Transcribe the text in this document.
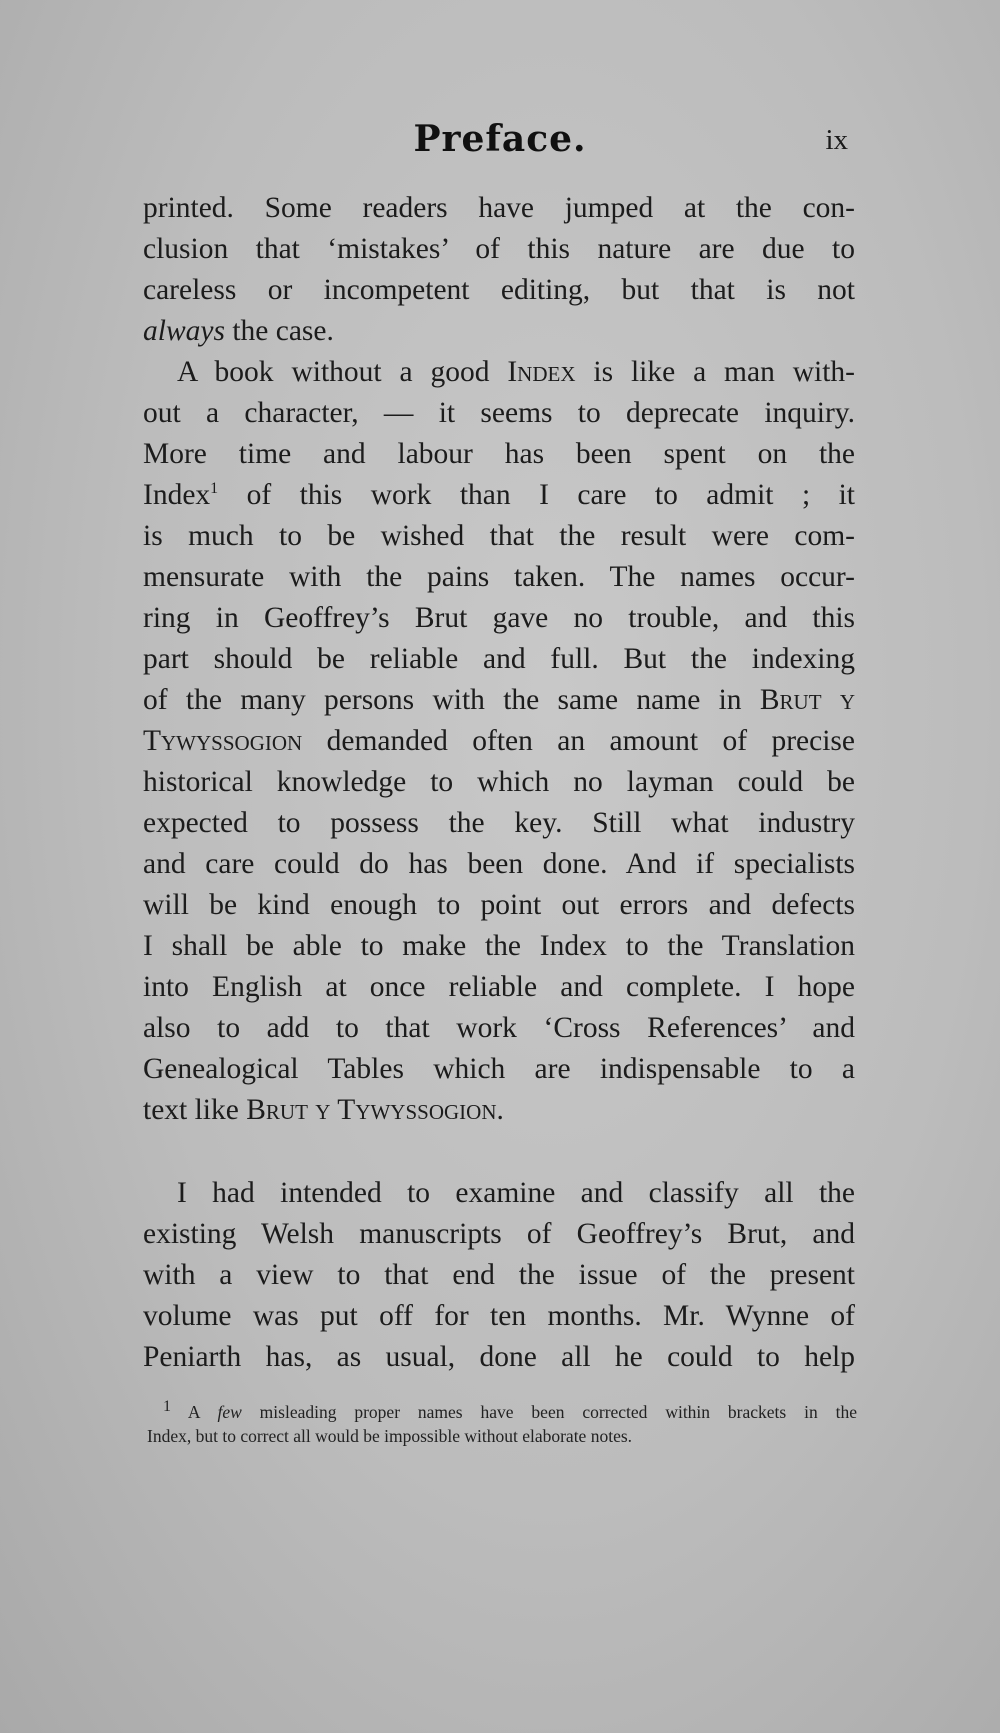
Preface.	ix
printed. Some readers have jumped at the con-
clusion that ‘mistakes’ of this nature are due to
careless or incompetent editing, but that is not
always the case.
A book without a good Index is like a man with-
out a character, — it seems to deprecate inquiry.
More time and labour has been spent on the
Index$^1$ of this work than I care to admit ; it
is much to be wished that the result were com-
mensurate with the pains taken. The names occur-
ring in Geoffrey’s Brut gave no trouble, and this
part should be reliable and full. But the indexing
of the many persons with the same name in Brut y
Tywyssogion demanded often an amount of precise
historical knowledge to which no layman could be
expected to possess the key. Still what industry
and care could do has been done. And if specialists
will be kind enough to point out errors and defects
I shall be able to make the Index to the Translation
into English at once reliable and complete. I hope
also to add to that work ‘Cross References’ and
Genealogical Tables which are indispensable to a
text like Brut y Tywyssogion.
I had intended to examine and classify all the
existing Welsh manuscripts of Geoffrey’s Brut, and
with a view to that end the issue of the present
volume was put off for ten months. Mr. Wynne of
Peniarth has, as usual, done all he could to help
$^1$ A few misleading proper names have been corrected within brackets in the
Index, but to correct all would be impossible without elaborate notes.
